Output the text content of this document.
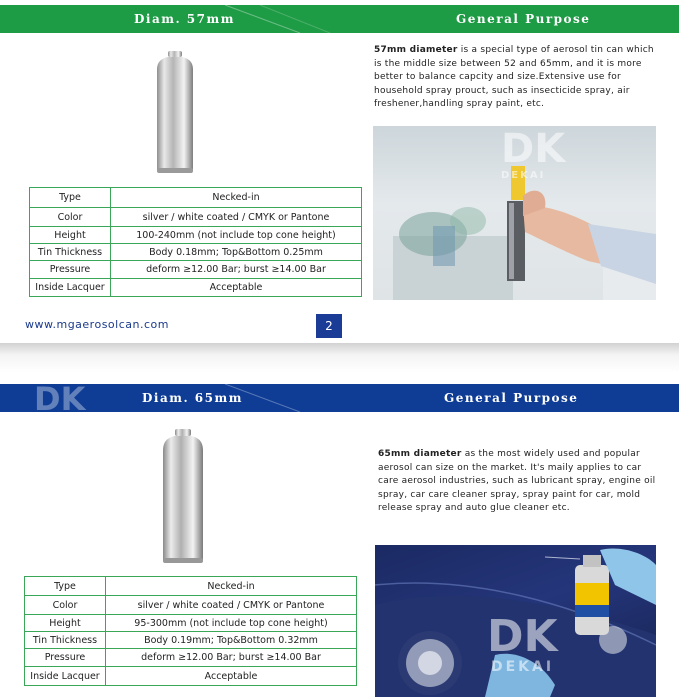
Diam. 57mm	General Purpose
Type	Necked-in
Color	silver / white coated / CMYK or Pantone
Height	100-240mm (not include top cone height)
Tin Thickness	Body 0.18mm; Top&Bottom 0.25mm
Pressure	deform ≥12.00 Bar; burst ≥14.00 Bar
Inside Lacquer	Acceptable
57mm diameter is a special type of aerosol tin can which is the middle size between 52 and 65mm, and it is more better to balance capcity and size.Extensive use for household spray prouct, such as insecticide spray, air freshener,handling spray paint, etc.
DK
DEKAI
www.mgaerosolcan.com	2
DK	Diam. 65mm	General Purpose
Type	Necked-in
Color	silver / white coated / CMYK or Pantone
Height	95-300mm (not include top cone height)
Tin Thickness	Body 0.19mm; Top&Bottom 0.32mm
Pressure	deform ≥12.00 Bar; burst ≥14.00 Bar
Inside Lacquer	Acceptable
65mm diameter as the most widely used and popular aerosol can size on the market. It's maily applies to car care aerosol industries, such as lubricant spray, engine oil spray, car care cleaner spray, spray paint for car, mold release spray and auto glue cleaner etc.
DK
DEKAI
